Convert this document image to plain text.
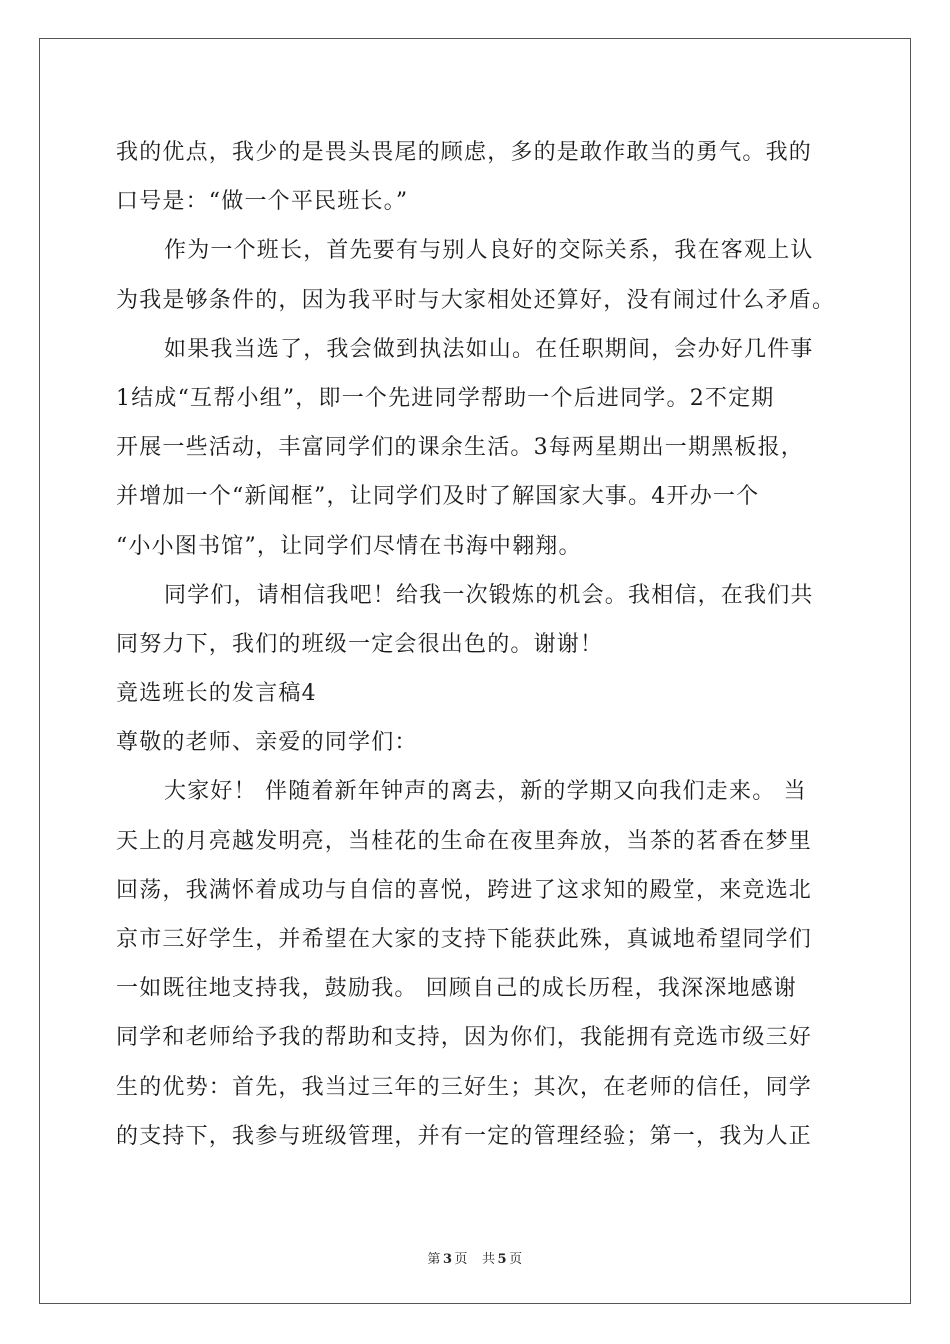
我的优点，我少的是畏头畏尾的顾虑，多的是敢作敢当的勇气。我的
口号是：“做一个平民班长。”
作为一个班长，首先要有与别人良好的交际关系，我在客观上认
为我是够条件的，因为我平时与大家相处还算好，没有闹过什么矛盾。
如果我当选了，我会做到执法如山。在任职期间，会办好几件事
1结成“互帮小组”，即一个先进同学帮助一个后进同学。2不定期
开展一些活动，丰富同学们的课余生活。3每两星期出一期黑板报，
并增加一个“新闻框”，让同学们及时了解国家大事。4开办一个
“小小图书馆”，让同学们尽情在书海中翱翔。
同学们，请相信我吧！给我一次锻炼的机会。我相信，在我们共
同努力下，我们的班级一定会很出色的。谢谢！
竟选班长的发言稿4
尊敬的老师、亲爱的同学们：
大家好！ 伴随着新年钟声的离去，新的学期又向我们走来。 当
天上的月亮越发明亮，当桂花的生命在夜里奔放，当茶的茗香在梦里
回荡，我满怀着成功与自信的喜悦，跨进了这求知的殿堂，来竞选北
京市三好学生，并希望在大家的支持下能获此殊，真诚地希望同学们
一如既往地支持我，鼓励我。 回顾自己的成长历程，我深深地感谢
同学和老师给予我的帮助和支持，因为你们，我能拥有竞选市级三好
生的优势：首先，我当过三年的三好生；其次，在老师的信任，同学
的支持下，我参与班级管理，并有一定的管理经验；第一，我为人正
第 3 页 共 5 页
